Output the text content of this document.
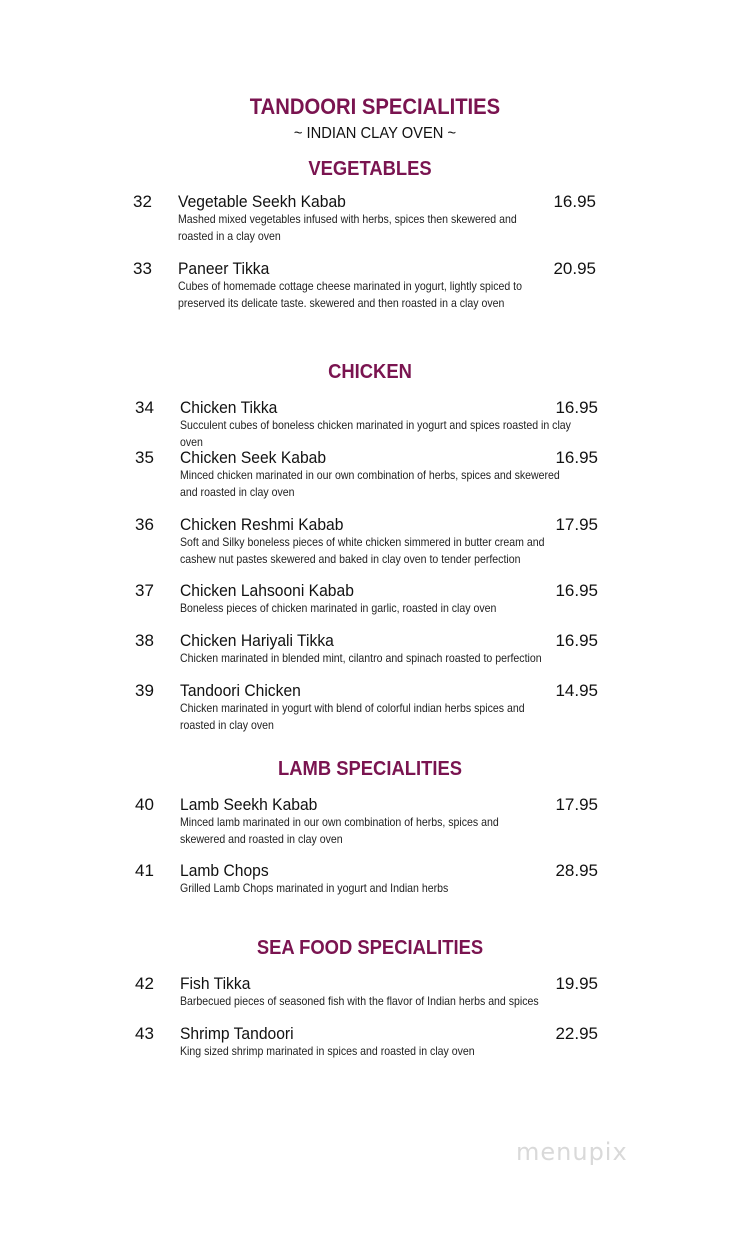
TANDOORI SPECIALITIES
~ INDIAN CLAY OVEN ~
VEGETABLES
32	Vegetable Seekh Kabab	16.95
Mashed mixed vegetables infused with herbs, spices then skewered and roasted in a clay oven
33	Paneer Tikka	20.95
Cubes of homemade cottage cheese marinated in yogurt, lightly spiced to preserved its delicate taste. skewered and then roasted in a clay oven
CHICKEN
34	Chicken Tikka	16.95
Succulent cubes of boneless chicken marinated in yogurt and spices roasted in clay oven
35	Chicken Seek Kabab	16.95
Minced chicken marinated in our own combination of herbs, spices and skewered and roasted in clay oven
36	Chicken Reshmi Kabab	17.95
Soft and Silky boneless pieces of white chicken simmered in butter cream and cashew nut pastes skewered and baked in clay oven to tender perfection
37	Chicken Lahsooni Kabab	16.95
Boneless pieces of chicken marinated in garlic, roasted in clay oven
38	Chicken Hariyali Tikka	16.95
Chicken marinated in blended mint, cilantro and spinach roasted to perfection
39	Tandoori Chicken	14.95
Chicken marinated in yogurt with blend of colorful indian herbs spices and roasted in clay oven
LAMB SPECIALITIES
40	Lamb Seekh Kabab	17.95
Minced lamb marinated in our own combination of herbs, spices and skewered and roasted in clay oven
41	Lamb Chops	28.95
Grilled Lamb Chops marinated in yogurt and Indian herbs
SEA FOOD SPECIALITIES
42	Fish Tikka	19.95
Barbecued pieces of seasoned fish with the flavor of Indian herbs and spices
43	Shrimp Tandoori	22.95
King sized shrimp marinated in spices and roasted in clay oven
menupix
